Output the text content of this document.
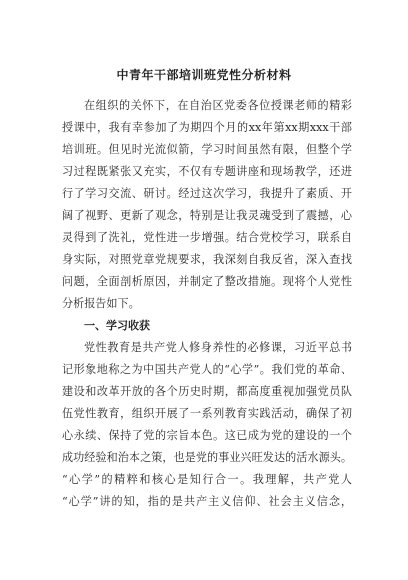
中青年干部培训班党性分析材料
在组织的关怀下，在自治区党委各位授课老师的精彩
授课中，我有幸参加了为期四个月的xx年第xx期xxx干部
培训班。但见时光流似箭，学习时间虽然有限，但整个学
习过程既紧张又充实，不仅有专题讲座和现场教学，还进
行了学习交流、研讨。经过这次学习，我提升了素质、开
阔了视野、更新了观念，特别是让我灵魂受到了震撼，心
灵得到了洗礼，党性进一步增强。结合党校学习，联系自
身实际，对照党章党规要求，我深刻自我反省，深入查找
问题，全面剖析原因，并制定了整改措施。现将个人党性
分析报告如下。
一、学习收获
党性教育是共产党人修身养性的必修课，习近平总书
记形象地称之为中国共产党人的“心学”。我们党的革命、
建设和改革开放的各个历史时期，都高度重视加强党员队
伍党性教育，组织开展了一系列教育实践活动，确保了初
心永续、保持了党的宗旨本色。这已成为党的建设的一个
成功经验和治本之策，也是党的事业兴旺发达的活水源头。
“心学”的精粹和核心是知行合一。我理解，共产党人
“心学”讲的知，指的是共产主义信仰、社会主义信念，
